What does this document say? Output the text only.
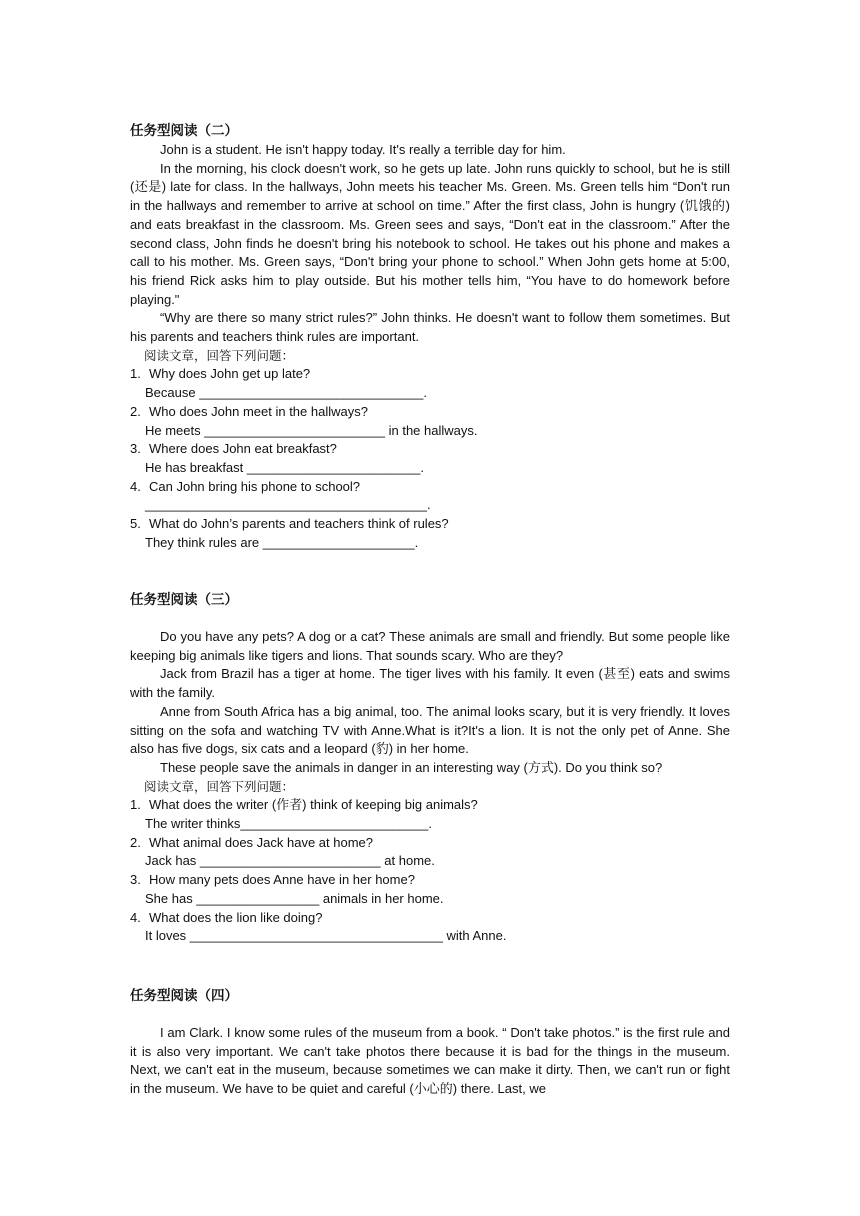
任务型阅读（二）

John is a student. He isn't happy today. It's really a terrible day for him.

In the morning, his clock doesn't work, so he gets up late. John runs quickly to school, but he is still (还是) late for class. In the hallways, John meets his teacher Ms. Green. Ms. Green tells him “Don't run in the hallways and remember to arrive at school on time.” After the first class, John is hungry (饥饿的) and eats breakfast in the classroom. Ms. Green sees and says, “Don't eat in the classroom.” After the second class, John finds he doesn't bring his notebook to school. He takes out his phone and makes a call to his mother. Ms. Green says, “Don't bring your phone to school.” When John gets home at 5:00, his friend Rick asks him to play outside. But his mother tells him, “You have to do homework before playing."

“Why are there so many strict rules?” John thinks. He doesn't want to follow them sometimes. But his parents and teachers think rules are important.

阅读文章，回答下列问题：

1. Why does John get up late?

Because _______________________________.

2. Who does John meet in the hallways?

He meets _________________________ in the hallways.

3. Where does John eat breakfast?

He has breakfast ________________________.

4. Can John bring his phone to school?

_______________________________________.

5. What do John’s parents and teachers think of rules?

They think rules are _____________________.

任务型阅读（三）

Do you have any pets? A dog or a cat? These animals are small and friendly. But some people like keeping big animals like tigers and lions. That sounds scary. Who are they?

Jack from Brazil has a tiger at home. The tiger lives with his family. It even (甚至) eats and swims with the family.

Anne from South Africa has a big animal, too. The animal looks scary, but it is very friendly. It loves sitting on the sofa and watching TV with Anne.What is it?It's a lion. It is not the only pet of Anne. She also has five dogs, six cats and a leopard (豹) in her home.

These people save the animals in danger in an interesting way (方式). Do you think so?

阅读文章，回答下列问题：

1. What does the writer (作者) think of keeping big animals?

The writer thinks__________________________.

2. What animal does Jack have at home?

Jack has _________________________ at home.

3. How many pets does Anne have in her home?

She has _________________ animals in her home.

4. What does the lion like doing?

It loves ___________________________________ with Anne.

任务型阅读（四）

I am Clark. I know some rules of the museum from a book. “ Don't take photos.” is the first rule and it is also very important. We can't take photos there because it is bad for the things in the museum. Next, we can't eat in the museum, because sometimes we can make it dirty. Then, we can't run or fight in the museum. We have to be quiet and careful (小心的) there. Last, we
